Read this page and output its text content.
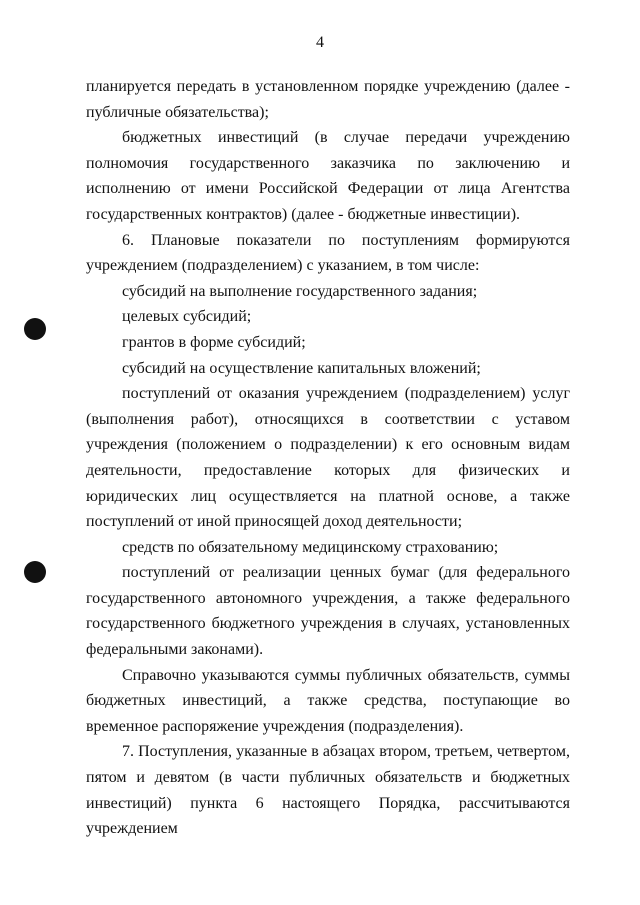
4

планируется передать в установленном порядке учреждению (далее - публичные обязательства);

бюджетных инвестиций (в случае передачи учреждению полномочия государственного заказчика по заключению и исполнению от имени Российской Федерации от лица Агентства государственных контрактов) (далее - бюджетные инвестиции).

6. Плановые показатели по поступлениям формируются учреждением (подразделением) с указанием, в том числе:

субсидий на выполнение государственного задания;

целевых субсидий;

грантов в форме субсидий;

субсидий на осуществление капитальных вложений;

поступлений от оказания учреждением (подразделением) услуг (выполнения работ), относящихся в соответствии с уставом учреждения (положением о подразделении) к его основным видам деятельности, предоставление которых для физических и юридических лиц осуществляется на платной основе, а также поступлений от иной приносящей доход деятельности;

средств по обязательному медицинскому страхованию;

поступлений от реализации ценных бумаг (для федерального государственного автономного учреждения, а также федерального государственного бюджетного учреждения в случаях, установленных федеральными законами).

Справочно указываются суммы публичных обязательств, суммы бюджетных инвестиций, а также средства, поступающие во временное распоряжение учреждения (подразделения).

7. Поступления, указанные в абзацах втором, третьем, четвертом, пятом и девятом (в части публичных обязательств и бюджетных инвестиций) пункта 6 настоящего Порядка, рассчитываются учреждением
